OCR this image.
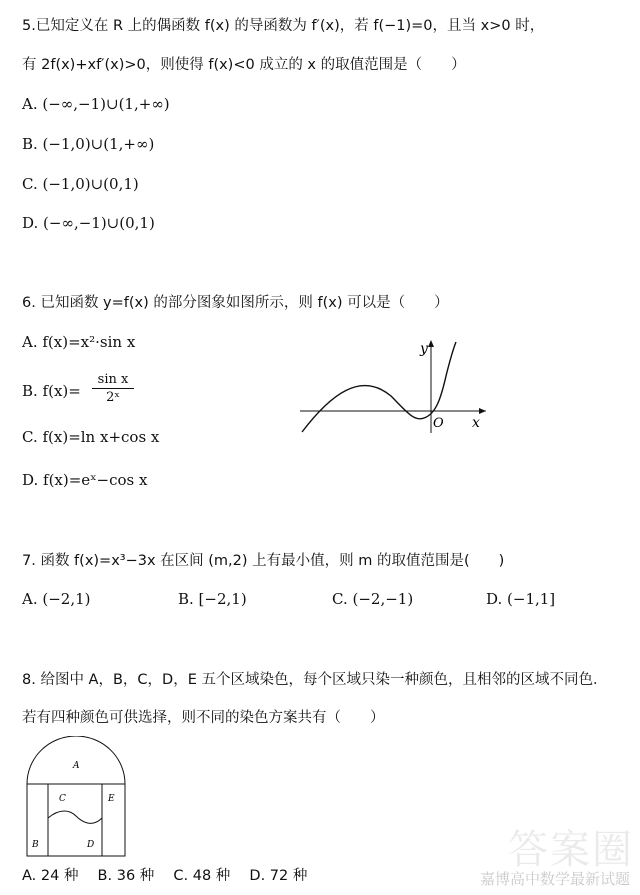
5.已知定义在 R 上的偶函数 f(x) 的导函数为 f′(x)，若 f(−1)=0，且当 x>0 时，
有 2f(x)+xf′(x)>0，则使得 f(x)<0 成立的 x 的取值范围是（　　）
A. (−∞,−1)∪(1,+∞)
B. (−1,0)∪(1,+∞)
C. (−1,0)∪(0,1)
D. (−∞,−1)∪(0,1)
6. 已知函数 y=f(x) 的部分图象如图所示，则 f(x) 可以是（　　）
A. f(x)=x²·sin x
B. $f(x)= \frac{\text{sin x}}{\text{2ˣ}}$
C. f(x)=ln x+cos x
D. f(x)=eˣ−cos x
y
x
O
7. 函数 f(x)=x³−3x 在区间 (m,2) 上有最小值，则 m 的取值范围是(　　)
A. (−2,1)	B. [−2,1)	C. (−2,−1)	D. (−1,1]
8. 给图中 A，B，C，D，E 五个区域染色，每个区域只染一种颜色，且相邻的区域不同色．
若有四种颜色可供选择，则不同的染色方案共有（　　）
A
B
C
D
E
A. 24 种　 B. 36 种　 C. 48 种　 D. 72 种
答案圈
嘉博高中数学最新试题
